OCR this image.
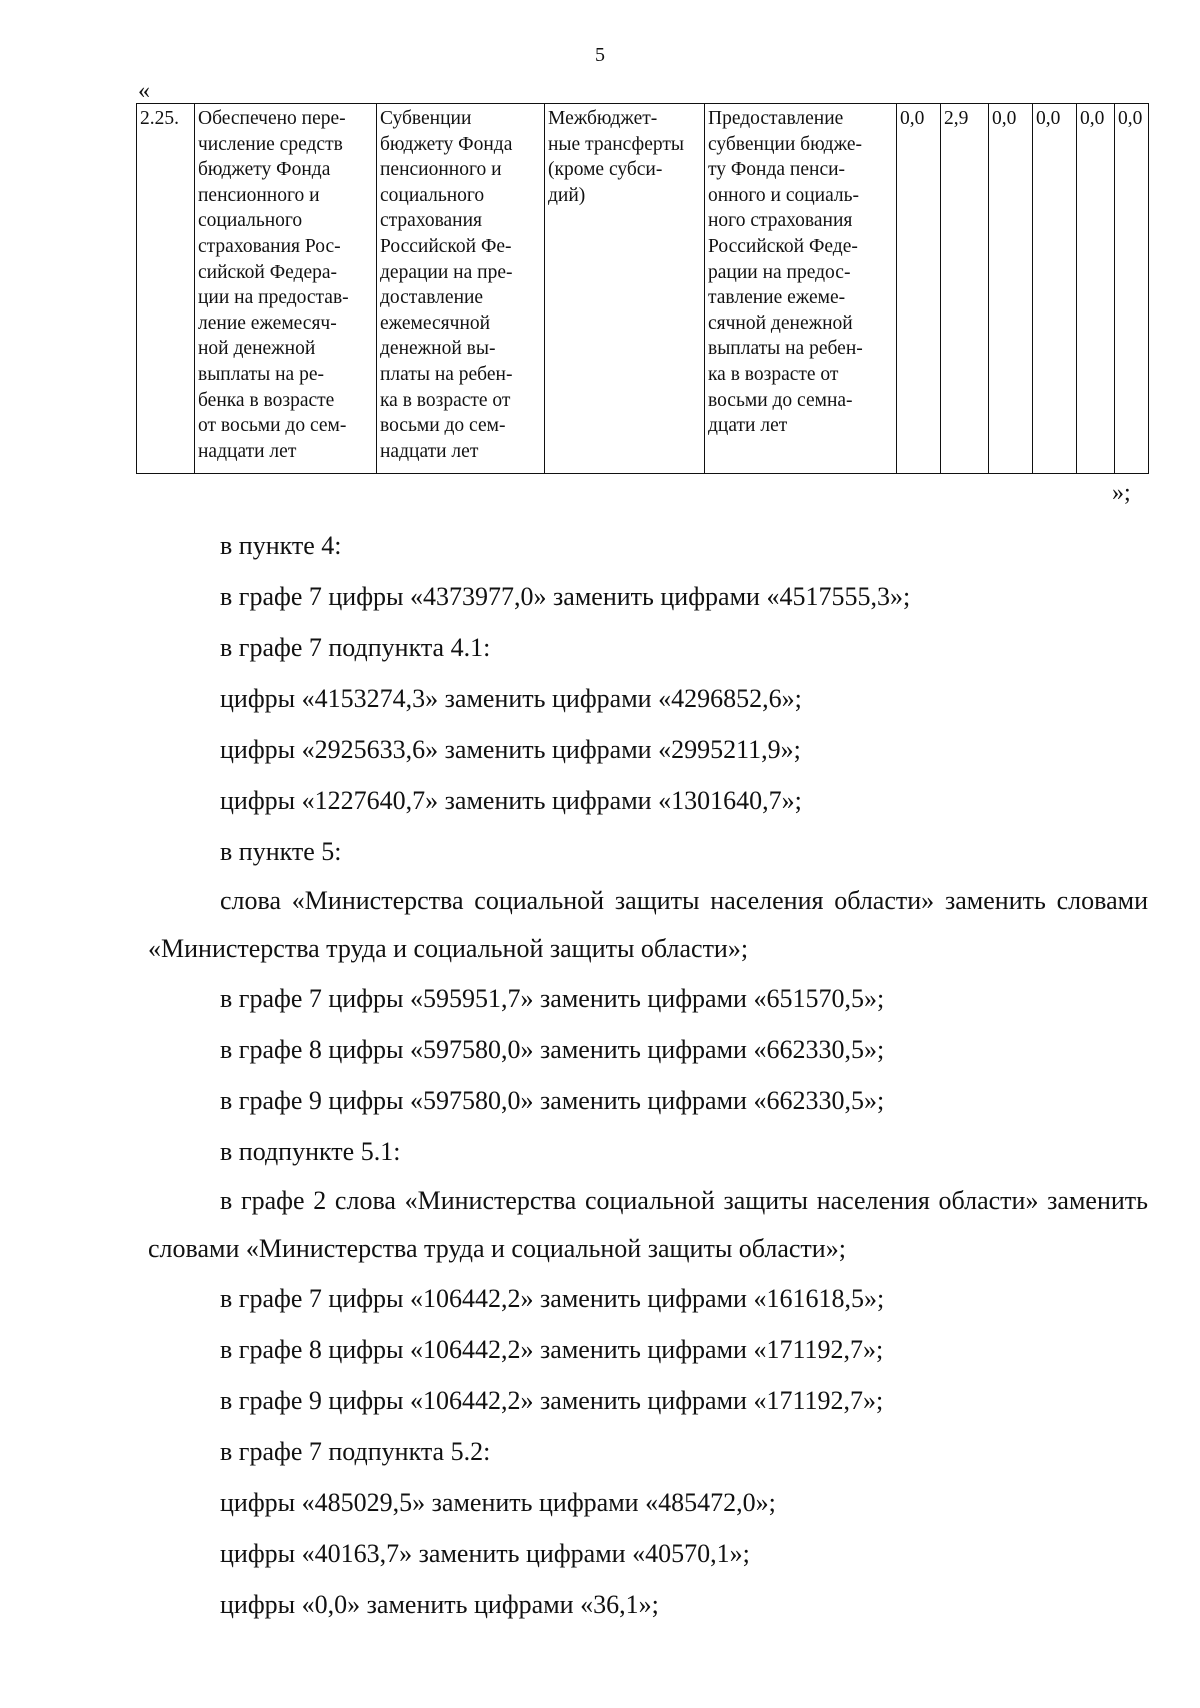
5
«
2.25.	Обеспечено пере-
числение средств
бюджету Фонда
пенсионного и
социального
страхования Рос-
сийской Федера-
ции на предостав-
ление ежемесяч-
ной денежной
выплаты на ре-
бенка в возрасте
от восьми до сем-
надцати лет	Субвенции
бюджету Фонда
пенсионного и
социального
страхования
Российской Фе-
дерации на пре-
доставление
ежемесячной
денежной вы-
платы на ребен-
ка в возрасте от
восьми до сем-
надцати лет	Межбюджет-
ные трансферты
(кроме субси-
дий)	Предоставление
субвенции бюдже-
ту Фонда пенси-
онного и социаль-
ного страхования
Российской Феде-
рации на предос-
тавление ежеме-
сячной денежной
выплаты на ребен-
ка в возрасте от
восьми до семна-
дцати лет	0,0	2,9	0,0	0,0	0,0	0,0
»;

в пункте 4:

в графе 7 цифры «4373977,0» заменить цифрами «4517555,3»;

в графе 7 подпункта 4.1:

цифры «4153274,3» заменить цифрами «4296852,6»;

цифры «2925633,6» заменить цифрами «2995211,9»;

цифры «1227640,7» заменить цифрами «1301640,7»;

в пункте 5:

слова «Министерства социальной защиты населения области» заменить словами «Министерства труда и социальной защиты области»;

в графе 7 цифры «595951,7» заменить цифрами «651570,5»;

в графе 8 цифры «597580,0» заменить цифрами «662330,5»;

в графе 9 цифры «597580,0» заменить цифрами «662330,5»;

в подпункте 5.1:

в графе 2 слова «Министерства социальной защиты населения области» заменить словами «Министерства труда и социальной защиты области»;

в графе 7 цифры «106442,2» заменить цифрами «161618,5»;

в графе 8 цифры «106442,2» заменить цифрами «171192,7»;

в графе 9 цифры «106442,2» заменить цифрами «171192,7»;

в графе 7 подпункта 5.2:

цифры «485029,5» заменить цифрами «485472,0»;

цифры «40163,7» заменить цифрами «40570,1»;

цифры «0,0» заменить цифрами «36,1»;
